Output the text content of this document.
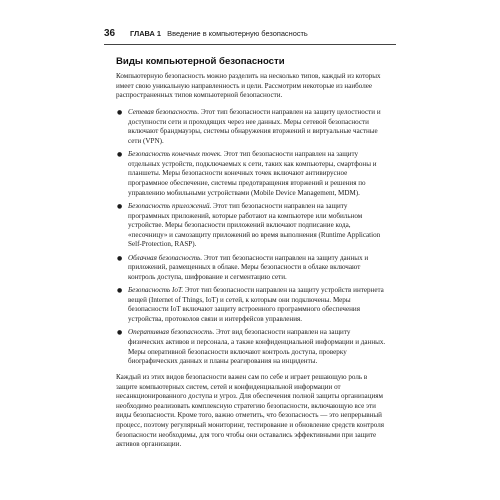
36 ГЛАВА 1 Введение в компьютерную безопасность
Виды компьютерной безопасности

Компьютерную безопасность можно разделить на несколько типов, каждый из которых имеет свою уникальную направленность и цели. Рассмотрим некоторые из наиболее распространенных типов компьютерной безопасности.

● Сетевая безопасность. Этот тип безопасности направлен на защиту целостности и доступности сети и проходящих через нее данных. Меры сетевой безопасности включают брандмауэры, системы обнаружения вторжений и виртуальные частные сети (VPN).
● Безопасность конечных точек. Этот тип безопасности направлен на защиту отдельных устройств, подключаемых к сети, таких как компьютеры, смартфоны и планшеты. Меры безопасности конечных точек включают антивирусное программное обеспечение, системы предотвращения вторжений и решения по управлению мобильными устройствами (Mobile Device Management, MDM).
● Безопасность приложений. Этот тип безопасности направлен на защиту программных приложений, которые работают на компьютере или мобильном устройстве. Меры безопасности приложений включают подписание кода, «песочницу» и самозащиту приложений во время выполнения (Runtime Application Self-Protection, RASP).
● Облачная безопасность. Этот тип безопасности направлен на защиту данных и приложений, размещенных в облаке. Меры безопасности в облаке включают контроль доступа, шифрование и сегментацию сети.
● Безопасность IoT. Этот тип безопасности направлен на защиту устройств интернета вещей (Internet of Things, IoT) и сетей, к которым они подключены. Меры безопасности IoT включают защиту встроенного программного обеспечения устройства, протоколов связи и интерфейсов управления.
● Оперативная безопасность. Этот вид безопасности направлен на защиту физических активов и персонала, а также конфиденциальной информации и данных. Меры оперативной безопасности включают контроль доступа, проверку биографических данных и планы реагирования на инциденты.

Каждый из этих видов безопасности важен сам по себе и играет решающую роль в защите компьютерных систем, сетей и конфиденциальной информации от несанкционированного доступа и угроз. Для обеспечения полной защиты организациям необходимо реализовать комплексную стратегию безопасности, включающую все эти виды безопасности. Кроме того, важно отметить, что безопасность — это непрерывный процесс, поэтому регулярный мониторинг, тестирование и обновление средств контроля безопасности необходимы, для того чтобы они оставались эффективными при защите активов организации.
